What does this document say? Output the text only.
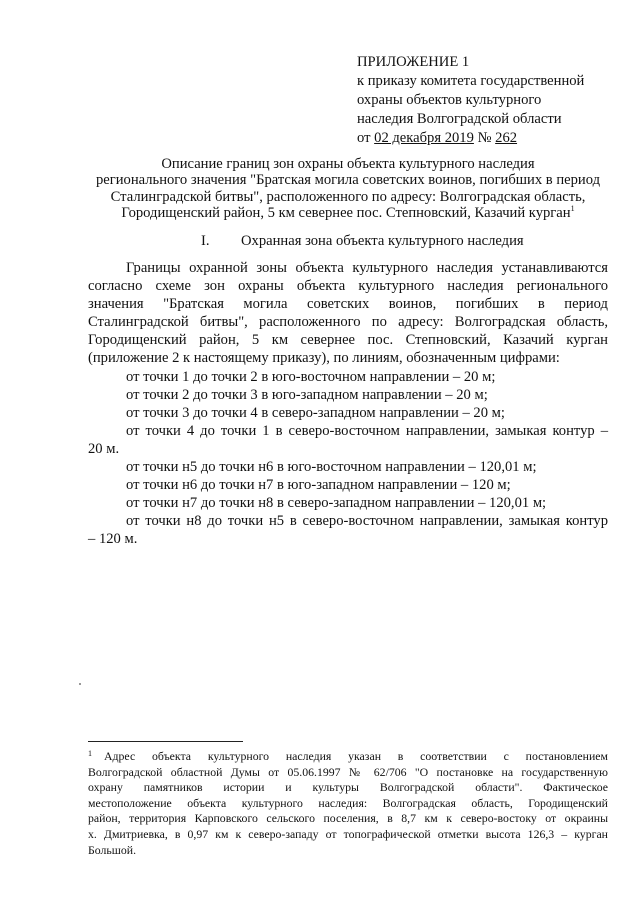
ПРИЛОЖЕНИЕ 1
к приказу комитета государственной
охраны объектов культурного
наследия Волгоградской области
от 02 декабря 2019 № 262
Описание границ зон охраны объекта культурного наследия
регионального значения "Братская могила советских воинов, погибших в период
Сталинградской битвы", расположенного по адресу: Волгоградская область,
Городищенский район, 5 км севернее пос. Степновский, Казачий курган$^1$
I. Охранная зона объекта культурного наследия
Границы охранной зоны объекта культурного наследия устанавливаются
согласно схеме зон охраны объекта культурного наследия регионального
значения "Братская могила советских воинов, погибших в период
Сталинградской битвы", расположенного по адресу: Волгоградская область,
Городищенский район, 5 км севернее пос. Степновский, Казачий курган
(приложение 2 к настоящему приказу), по линиям, обозначенным цифрами:
от точки 1 до точки 2 в юго-восточном направлении – 20 м;
от точки 2 до точки 3 в юго-западном направлении – 20 м;
от точки 3 до точки 4 в северо-западном направлении – 20 м;
от точки 4 до точки 1 в северо-восточном направлении, замыкая контур –
20 м.
от точки н5 до точки н6 в юго-восточном направлении – 120,01 м;
от точки н6 до точки н7 в юго-западном направлении – 120 м;
от точки н7 до точки н8 в северо-западном направлении – 120,01 м;
от точки н8 до точки н5 в северо-восточном направлении, замыкая контур
– 120 м.
$^1$ Адрес объекта культурного наследия указан в соответствии с постановлением
Волгоградской областной Думы от 05.06.1997 № 62/706 "О постановке на государственную
охрану памятников истории и культуры Волгоградской области". Фактическое
местоположение объекта культурного наследия: Волгоградская область, Городищенский
район, территория Карповского сельского поселения, в 8,7 км к северо-востоку от окраины
х. Дмитриевка, в 0,97 км к северо-западу от топографической отметки высота 126,3 – курган
Большой.
